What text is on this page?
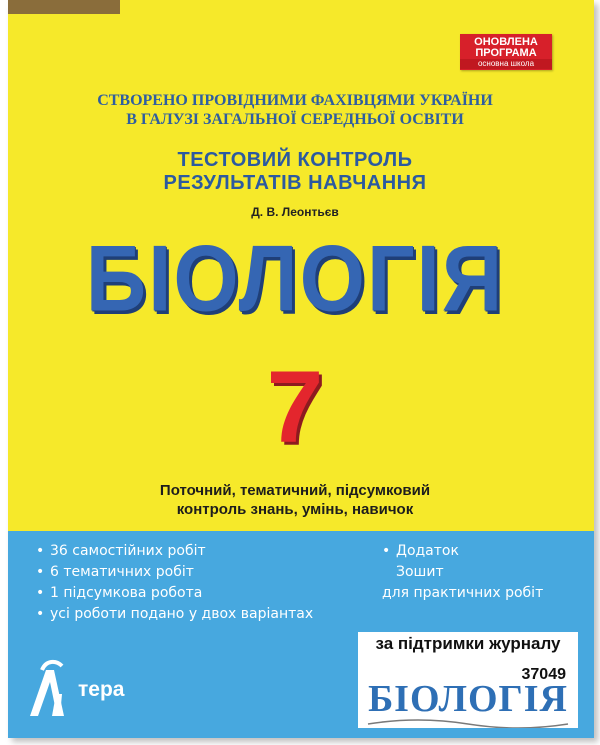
ОНОВЛЕНА
ПРОГРАМА
основна школа
СТВОРЕНО ПРОВІДНИМИ ФАХІВЦЯМИ УКРАЇНИ
В ГАЛУЗІ ЗАГАЛЬНОЇ СЕРЕДНЬОЇ ОСВІТИ
ТЕСТОВИЙ КОНТРОЛЬ
РЕЗУЛЬТАТІВ НАВЧАННЯ
Д. В. Леонтьєв
БІОЛОГІЯ
7
Поточний, тематичний, підсумковий
контроль знань, умінь, навичок
• 36 самостійних робіт
• 6 тематичних робіт
• 1 підсумкова робота
• усі роботи подано у двох варіантах
• Додаток
Зошит
для практичних робіт
тера
за підтримки журналу
37049
БІОЛОГІЯ
